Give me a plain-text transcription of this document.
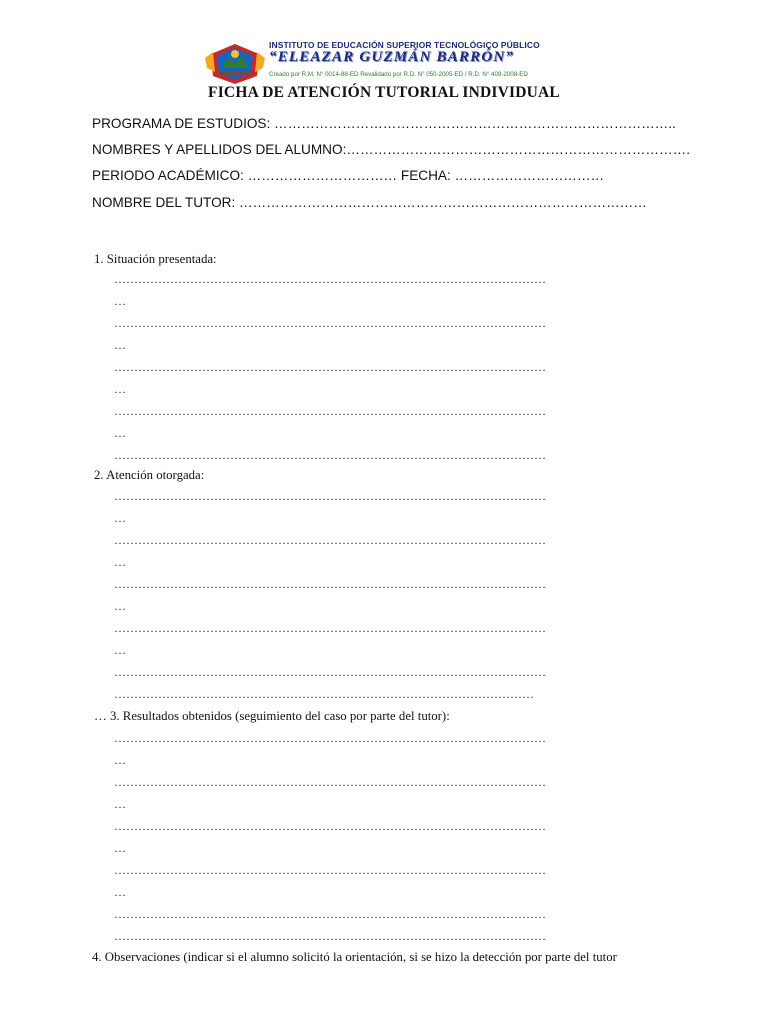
INSTITUTO DE EDUCACIÓN SUPERIOR TECNOLÓGICO PÚBLICO
“ELEAZAR GUZMÁN BARRÓN”
Creado por R.M. N° 0014-88-ED Revalidado por R.D. N° 050-2005-ED / R.D. N° 409-2008-ED
FICHA DE ATENCIÓN TUTORIAL INDIVIDUAL
PROGRAMA DE ESTUDIOS: ……………………………………………………………………………..
NOMBRES Y APELLIDOS DEL ALUMNO:………………………………………………………………….
PERIODO ACADÉMICO: …………………………… FECHA: ……………………………
NOMBRE DEL TUTOR: ………………………………………………………………………………
1. Situación presentada:
………………………………………………………………………………………………
…
………………………………………………………………………………………………
…
………………………………………………………………………………………………
…
………………………………………………………………………………………………
…
………………………………………………………………………………………………
2. Atención otorgada:
………………………………………………………………………………………………
…
………………………………………………………………………………………………
…
………………………………………………………………………………………………
…
………………………………………………………………………………………………
…
………………………………………………………………………………………………
……………………………………………………………………………………………
… 3. Resultados obtenidos (seguimiento del caso por parte del tutor):
………………………………………………………………………………………………
…
………………………………………………………………………………………………
…
………………………………………………………………………………………………
…
………………………………………………………………………………………………
…
………………………………………………………………………………………………
………………………………………………………………………………………………
4. Observaciones (indicar si el alumno solicitó la orientación, si se hizo la detección por parte del tutor
